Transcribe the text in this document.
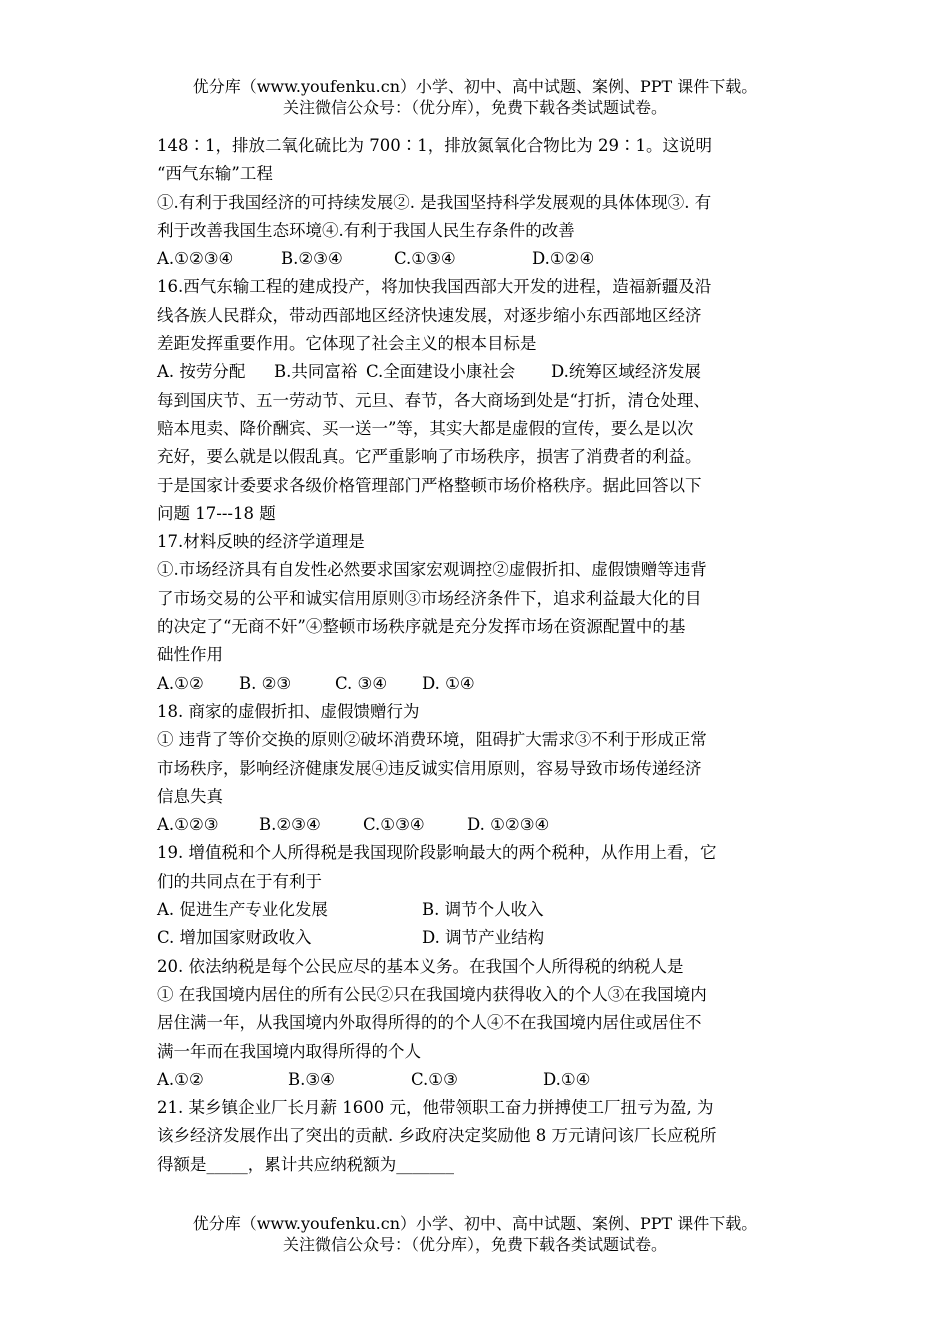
优分库（www.youfenku.cn）小学、初中、高中试题、案例、PPT 课件下载。
关注微信公众号：（优分库），免费下载各类试题试卷。
148∶1，排放二氧化硫比为 700∶1，排放氮氧化合物比为 29∶1。这说明
“西气东输”工程
①.有利于我国经济的可持续发展②. 是我国坚持科学发展观的具体体现③. 有
利于改善我国生态环境④.有利于我国人民生存条件的改善
A.①②③④	B.②③④	C.①③④	D.①②④
16.西气东输工程的建成投产，将加快我国西部大开发的进程，造福新疆及沿
线各族人民群众，带动西部地区经济快速发展，对逐步缩小东西部地区经济
差距发挥重要作用。它体现了社会主义的根本目标是
A. 按劳分配 B.共同富裕 C.全面建设小康社会 D.统筹区域经济发展
每到国庆节、五一劳动节、元旦、春节，各大商场到处是“打折，清仓处理、
赔本甩卖、降价酬宾、买一送一”等，其实大都是虚假的宣传，要么是以次
充好，要么就是以假乱真。它严重影响了市场秩序，损害了消费者的利益。
于是国家计委要求各级价格管理部门严格整顿市场价格秩序。据此回答以下
问题 17---18 题
17.材料反映的经济学道理是
①.市场经济具有自发性必然要求国家宏观调控②虚假折扣、虚假馈赠等违背
了市场交易的公平和诚实信用原则③市场经济条件下，追求利益最大化的目
的决定了“无商不奸”④整顿市场秩序就是充分发挥市场在资源配置中的基
础性作用
A.①② B. ②③	C. ③④ D. ①④
18. 商家的虚假折扣、虚假馈赠行为
① 违背了等价交换的原则②破坏消费环境，阻碍扩大需求③不利于形成正常
市场秩序，影响经济健康发展④违反诚实信用原则，容易导致市场传递经济
信息失真
A.①②③ B.②③④	C.①③④	D. ①②③④
19. 增值税和个人所得税是我国现阶段影响最大的两个税种，从作用上看，它
们的共同点在于有利于
A. 促进生产专业化发展	B. 调节个人收入
C. 增加国家财政收入	D. 调节产业结构
20. 依法纳税是每个公民应尽的基本义务。在我国个人所得税的纳税人是
① 在我国境内居住的所有公民②只在我国境内获得收入的个人③在我国境内
居住满一年，从我国境内外取得所得的的个人④不在我国境内居住或居住不
满一年而在我国境内取得所得的个人
A.①②	B.③④	C.①③	D.①④
21. 某乡镇企业厂长月薪 1600 元，他带领职工奋力拼搏使工厂扭亏为盈, 为
该乡经济发展作出了突出的贡献. 乡政府决定奖励他 8 万元请问该厂长应税所
得额是_____，累计共应纳税额为_______
优分库（www.youfenku.cn）小学、初中、高中试题、案例、PPT 课件下载。
关注微信公众号：（优分库），免费下载各类试题试卷。
